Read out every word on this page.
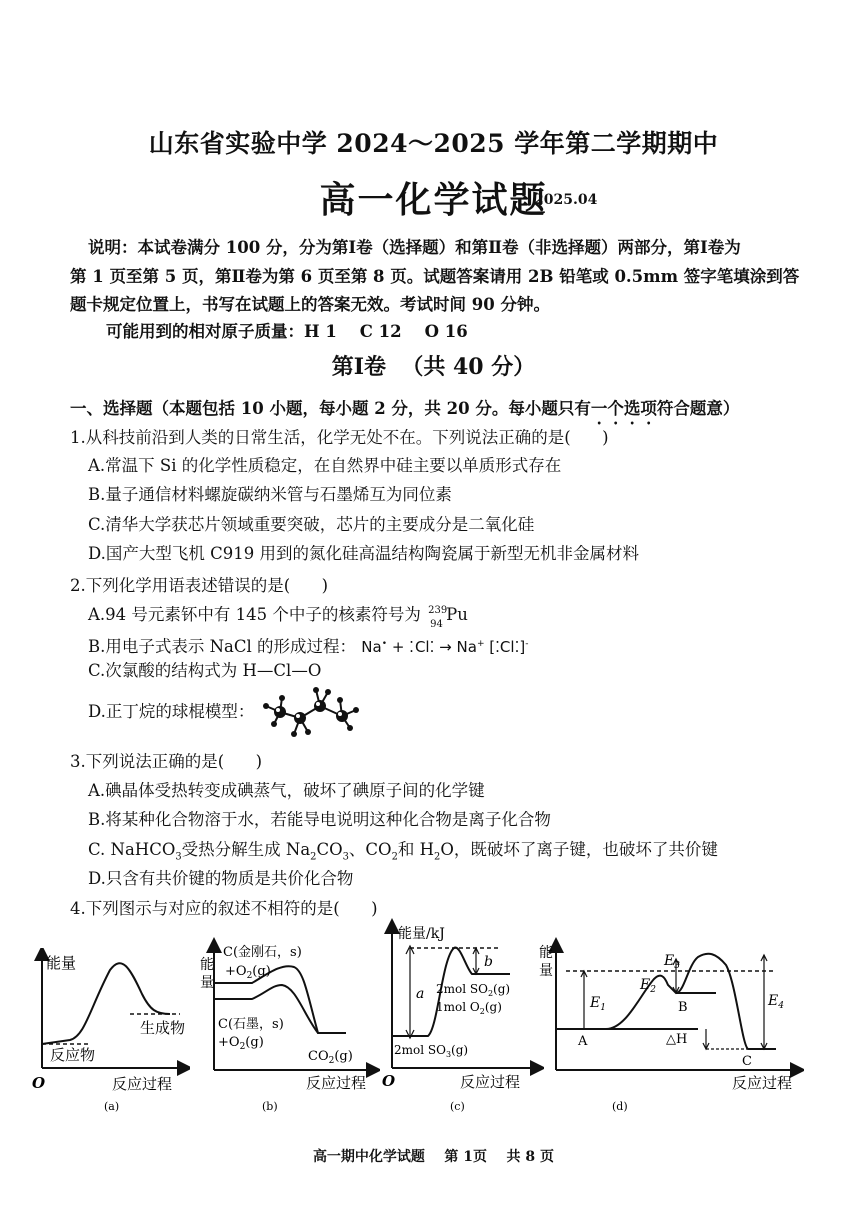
山东省实验中学 2024～2025 学年第二学期期中
高一化学试题
2025.04
说明：本试卷满分 100 分，分为第Ⅰ卷（选择题）和第Ⅱ卷（非选择题）两部分，第Ⅰ卷为
第 1 页至第 5 页，第Ⅱ卷为第 6 页至第 8 页。试题答案请用 2B 铅笔或 0.5mm 签字笔填涂到答
题卡规定位置上，书写在试题上的答案无效。考试时间 90 分钟。
可能用到的相对原子质量：H 1    C 12    O 16
第Ⅰ卷  （共 40 分）
一、选择题（本题包括 10 小题，每小题 2 分，共 20 分。每小题只有一个选项符合题意）
1.从科技前沿到人类的日常生活，化学无处不在。下列说法正确的是(      )
A.常温下 Si 的化学性质稳定，在自然界中硅主要以单质形式存在
B.量子通信材料螺旋碳纳米管与石墨烯互为同位素
C.清华大学获芯片领域重要突破，芯片的主要成分是二氧化硅
D.国产大型飞机 C919 用到的氮化硅高温结构陶瓷属于新型无机非金属材料
2.下列化学用语表述错误的是(      )
A.94 号元素钚中有 145 个中子的核素符号为 239
94
Pu
B.用电子式表示 NaCl 的形成过程： Na• + ⁚Cl⁚ → Na+ [⁚Cl⁚]-
C.次氯酸的结构式为 H—Cl—O
D.正丁烷的球棍模型：
3.下列说法正确的是(      )
A.碘晶体受热转变成碘蒸气，破坏了碘原子间的化学键
B.将某种化合物溶于水，若能导电说明这种化合物是离子化合物
C. NaHCO$_3$受热分解生成 $Na_2CO_3$、$CO_2$和 $H_2O$，既破坏了离子键，也破坏了共价键
D.只含有共价键的物质是共价化合物
4.下列图示与对应的叙述不相符的是(      )
能量
反应物
生成物
O	反应过程
(a)
C(金刚石，s)
$+O_2(g)$
能
量
C(石墨，s)
$+O_2(g)$
$CO_2(g)$
反应过程
(b)
能量/kJ
a
b
2mol $SO_2(g)$
1mol $O_2(g)$
2mol $SO_3(g)$
O	反应过程
(c)
能
量
$E_1$
$E_2$
$E_3$
$E_4$
A
B
C
△H
反应过程
(d)
高一期中化学试题    第 1页    共 8 页
